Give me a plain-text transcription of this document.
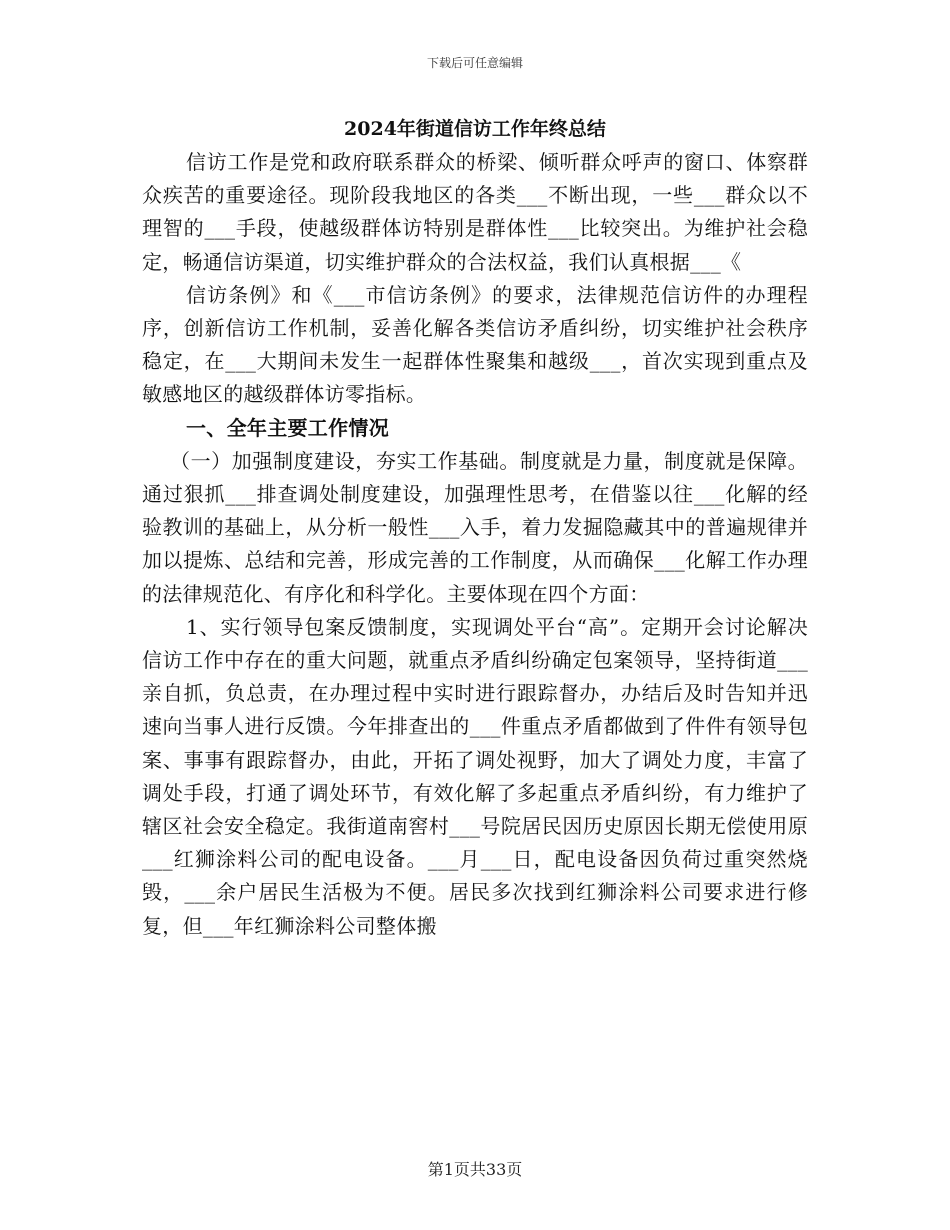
下载后可任意编辑
2024年街道信访工作年终总结

信访工作是党和政府联系群众的桥梁、倾听群众呼声的窗口、体察群众疾苦的重要途径。现阶段我地区的各类___不断出现，一些___群众以不理智的___手段，使越级群体访特别是群体性___比较突出。为维护社会稳定，畅通信访渠道，切实维护群众的合法权益，我们认真根据___《

信访条例》和《___市信访条例》的要求，法律规范信访件的办理程序，创新信访工作机制，妥善化解各类信访矛盾纠纷，切实维护社会秩序稳定，在___大期间未发生一起群体性聚集和越级___，首次实现到重点及敏感地区的越级群体访零指标。

一、全年主要工作情况

（一）加强制度建设，夯实工作基础。制度就是力量，制度就是保障。通过狠抓___排查调处制度建设，加强理性思考，在借鉴以往___化解的经验教训的基础上，从分析一般性___入手，着力发掘隐藏其中的普遍规律并加以提炼、总结和完善，形成完善的工作制度，从而确保___化解工作办理的法律规范化、有序化和科学化。主要体现在四个方面：

1、实行领导包案反馈制度，实现调处平台“高”。定期开会讨论解决信访工作中存在的重大问题，就重点矛盾纠纷确定包案领导，坚持街道___亲自抓，负总责，在办理过程中实时进行跟踪督办，办结后及时告知并迅速向当事人进行反馈。今年排查出的___件重点矛盾都做到了件件有领导包案、事事有跟踪督办，由此，开拓了调处视野，加大了调处力度，丰富了调处手段，打通了调处环节，有效化解了多起重点矛盾纠纷，有力维护了辖区社会安全稳定。我街道南窖村___号院居民因历史原因长期无偿使用原___红狮涂料公司的配电设备。___月___日，配电设备因负荷过重突然烧毁，___余户居民生活极为不便。居民多次找到红狮涂料公司要求进行修复，但___年红狮涂料公司整体搬

第1页共33页
